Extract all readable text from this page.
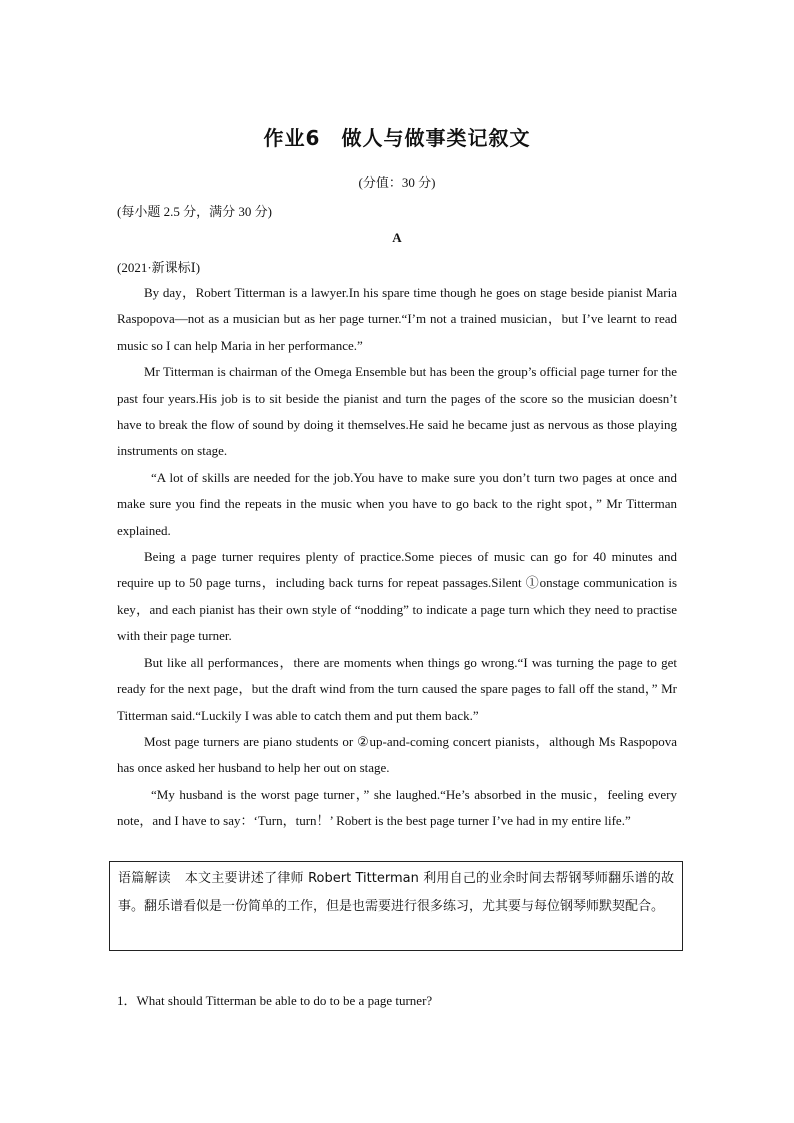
作业6　做人与做事类记叙文
(分值：30 分)
(每小题 2.5 分，满分 30 分)
A
(2021·新课标Ⅰ)

By day，Robert Titterman is a lawyer.In his spare time though he goes on stage beside pianist Maria Raspopova—not as a musician but as her page turner.“I’m not a trained musician，but I’ve learnt to read music so I can help Maria in her performance.”

Mr Titterman is chairman of the Omega Ensemble but has been the group’s official page turner for the past four years.His job is to sit beside the pianist and turn the pages of the score so the musician doesn’t have to break the flow of sound by doing it themselves.He said he became just as nervous as those playing instruments on stage.

“A lot of skills are needed for the job.You have to make sure you don’t turn two pages at once and make sure you find the repeats in the music when you have to go back to the right spot，” Mr Titterman explained.

Being a page turner requires plenty of practice.Some pieces of music can go for 40 minutes and require up to 50 page turns，including back turns for repeat passages.Silent ①onstage communication is key，and each pianist has their own style of “nodding” to indicate a page turn which they need to practise with their page turner.

But like all performances，there are moments when things go wrong.“I was turning the page to get ready for the next page，but the draft wind from the turn caused the spare pages to fall off the stand，” Mr Titterman said.“Luckily I was able to catch them and put them back.”

Most page turners are piano students or ②up-and-coming concert pianists，although Ms Raspopova has once asked her husband to help her out on stage.

“My husband is the worst page turner，” she laughed.“He’s absorbed in the music，feeling every note，and I have to say：‘Turn，turn！’ Robert is the best page turner I’ve had in my entire life.”

语篇解读 本文主要讲述了律师 Robert Titterman 利用自己的业余时间去帮钢琴师翻乐谱的故事。翻乐谱看似是一份简单的工作，但是也需要进行很多练习，尤其要与每位钢琴师默契配合。
1．What should Titterman be able to do to be a page turner?
